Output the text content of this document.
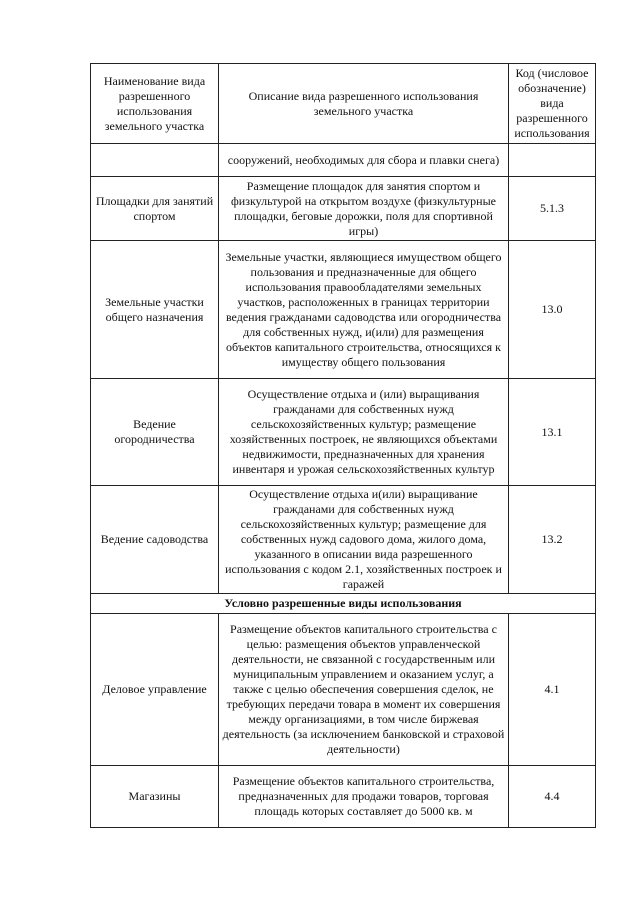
Наименование вида разрешенного использования земельного участка	Описание вида разрешенного использования земельного участка	Код (числовое обозначение) вида разрешенного использования
	сооружений, необходимых для сбора и плавки снега)	
Площадки для занятий спортом	Размещение площадок для занятия спортом и физкультурой на открытом воздухе (физкультурные площадки, беговые дорожки, поля для спортивной игры)	5.1.3
Земельные участки общего назначения	Земельные участки, являющиеся имуществом общего пользования и предназначенные для общего использования правообладателями земельных участков, расположенных в границах территории ведения гражданами садоводства или огородничества для собственных нужд, и(или) для размещения объектов капитального строительства, относящихся к имуществу общего пользования	13.0
Ведение огородничества	Осуществление отдыха и (или) выращивания гражданами для собственных нужд сельскохозяйственных культур; размещение хозяйственных построек, не являющихся объектами недвижимости, предназначенных для хранения инвентаря и урожая сельскохозяйственных культур	13.1
Ведение садоводства	Осуществление отдыха и(или) выращивание гражданами для собственных нужд сельскохозяйственных культур; размещение для собственных нужд садового дома, жилого дома, указанного в описании вида разрешенного использования с кодом 2.1, хозяйственных построек и гаражей	13.2
Условно разрешенные виды использования		
Деловое управление	Размещение объектов капитального строительства с целью: размещения объектов управленческой деятельности, не связанной с государственным или муниципальным управлением и оказанием услуг, а также с целью обеспечения совершения сделок, не требующих передачи товара в момент их совершения между организациями, в том числе биржевая деятельность (за исключением банковской и страховой деятельности)	4.1
Магазины	Размещение объектов капитального строительства, предназначенных для продажи товаров, торговая площадь которых составляет до 5000 кв. м	4.4
